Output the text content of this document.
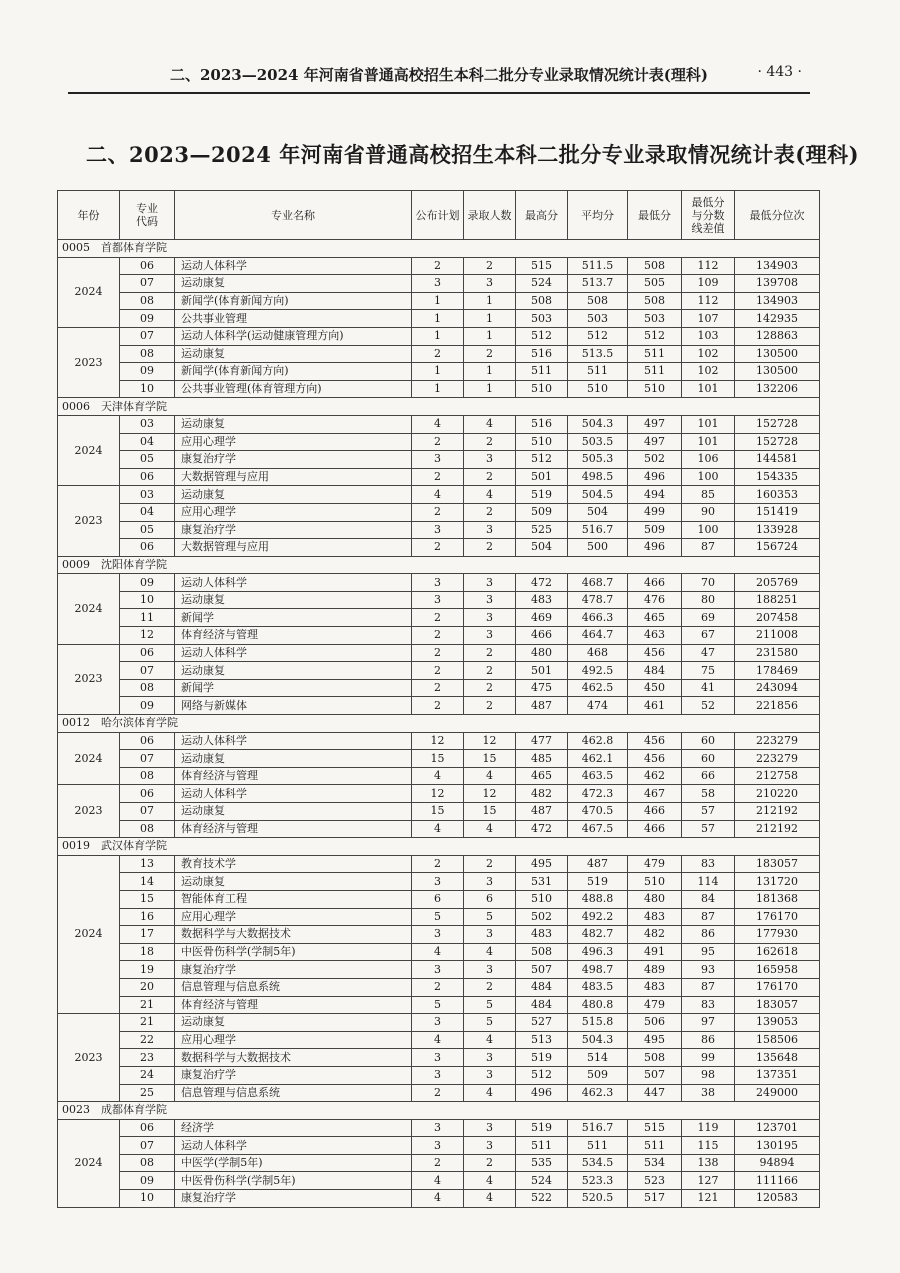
二、2023—2024 年河南省普通高校招生本科二批分专业录取情况统计表(理科)	· 443 ·
二、2023—2024 年河南省普通高校招生本科二批分专业录取情况统计表(理科)
年份	专业代码	专业名称	公布计划	录取人数	最高分	平均分	最低分	最低分与分数线差值	最低分位次
0005　首都体育学院									
2024	06	运动人体科学	2	2	515	511.5	508	112	134903
	07	运动康复	3	3	524	513.7	505	109	139708
	08	新闻学(体育新闻方向)	1	1	508	508	508	112	134903
	09	公共事业管理	1	1	503	503	503	107	142935
2023	07	运动人体科学(运动健康管理方向)	1	1	512	512	512	103	128863
	08	运动康复	2	2	516	513.5	511	102	130500
	09	新闻学(体育新闻方向)	1	1	511	511	511	102	130500
	10	公共事业管理(体育管理方向)	1	1	510	510	510	101	132206
0006　天津体育学院									
2024	03	运动康复	4	4	516	504.3	497	101	152728
	04	应用心理学	2	2	510	503.5	497	101	152728
	05	康复治疗学	3	3	512	505.3	502	106	144581
	06	大数据管理与应用	2	2	501	498.5	496	100	154335
2023	03	运动康复	4	4	519	504.5	494	85	160353
	04	应用心理学	2	2	509	504	499	90	151419
	05	康复治疗学	3	3	525	516.7	509	100	133928
	06	大数据管理与应用	2	2	504	500	496	87	156724
0009　沈阳体育学院									
2024	09	运动人体科学	3	3	472	468.7	466	70	205769
	10	运动康复	3	3	483	478.7	476	80	188251
	11	新闻学	2	3	469	466.3	465	69	207458
	12	体育经济与管理	2	3	466	464.7	463	67	211008
2023	06	运动人体科学	2	2	480	468	456	47	231580
	07	运动康复	2	2	501	492.5	484	75	178469
	08	新闻学	2	2	475	462.5	450	41	243094
	09	网络与新媒体	2	2	487	474	461	52	221856
0012　哈尔滨体育学院									
2024	06	运动人体科学	12	12	477	462.8	456	60	223279
	07	运动康复	15	15	485	462.1	456	60	223279
	08	体育经济与管理	4	4	465	463.5	462	66	212758
2023	06	运动人体科学	12	12	482	472.3	467	58	210220
	07	运动康复	15	15	487	470.5	466	57	212192
	08	体育经济与管理	4	4	472	467.5	466	57	212192
0019　武汉体育学院									
2024	13	教育技术学	2	2	495	487	479	83	183057
	14	运动康复	3	3	531	519	510	114	131720
	15	智能体育工程	6	6	510	488.8	480	84	181368
	16	应用心理学	5	5	502	492.2	483	87	176170
	17	数据科学与大数据技术	3	3	483	482.7	482	86	177930
	18	中医骨伤科学(学制5年)	4	4	508	496.3	491	95	162618
	19	康复治疗学	3	3	507	498.7	489	93	165958
	20	信息管理与信息系统	2	2	484	483.5	483	87	176170
	21	体育经济与管理	5	5	484	480.8	479	83	183057
2023	21	运动康复	3	5	527	515.8	506	97	139053
	22	应用心理学	4	4	513	504.3	495	86	158506
	23	数据科学与大数据技术	3	3	519	514	508	99	135648
	24	康复治疗学	3	3	512	509	507	98	137351
	25	信息管理与信息系统	2	4	496	462.3	447	38	249000
0023　成都体育学院									
2024	06	经济学	3	3	519	516.7	515	119	123701
	07	运动人体科学	3	3	511	511	511	115	130195
	08	中医学(学制5年)	2	2	535	534.5	534	138	94894
	09	中医骨伤科学(学制5年)	4	4	524	523.3	523	127	111166
	10	康复治疗学	4	4	522	520.5	517	121	120583
